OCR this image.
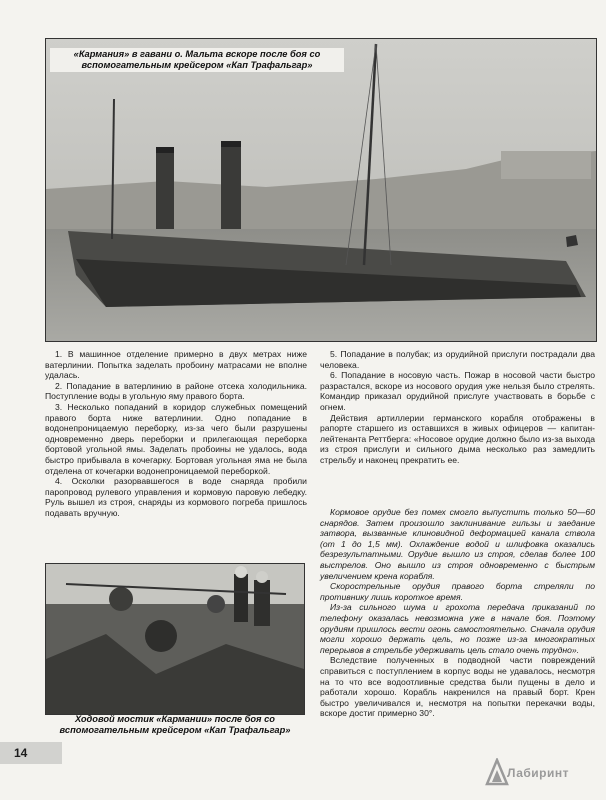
«Кармания» в гавани о. Мальта вскоре после боя со вспомогательным крейсером «Кап Трафальгар»

1. В машинное отделение примерно в двух метрах ниже ватерлинии. Попытка заделать пробоину матрасами не вполне удалась.

2. Попадание в ватерлинию в районе отсека холодильника. Поступление воды в угольную яму правого борта.

3. Несколько попаданий в коридор служебных помещений правого борта ниже ватерлинии. Одно попадание в водонепроницаемую переборку, из-за чего были разрушены одновременно дверь переборки и прилегающая переборка бортовой угольной ямы. Заделать пробоины не удалось, вода быстро прибывала в кочегарку. Бортовая угольная яма не была отделена от кочегарки водонепроницаемой переборкой.

4. Осколки разорвавшегося в воде снаряда пробили паропровод рулевого управления и кормовую паровую лебедку. Руль вышел из строя, снаряды из кормового погреба пришлось подавать вручную.

5. Попадание в полубак; из орудийной прислуги пострадали два человека.

6. Попадание в носовую часть. Пожар в носовой части быстро разрастался, вскоре из носового орудия уже нельзя было стрелять. Командир приказал орудийной прислуге участвовать в борьбе с огнем.

Действия артиллерии германского корабля отображены в рапорте старшего из оставшихся в живых офицеров — капитан-лейтенанта Реттбергa: «Носовое орудие должно было из-за выхода из строя прислуги и сильного дыма несколько раз замедлить стрельбу и наконец прекратить ее.

Кормовое орудие без помех смогло выпустить только 50—60 снарядов. Затем произошло заклинивание гильзы и заедание затвора, вызванные клиновидной деформацией канала ствола (от 1 до 1,5 мм). Охлаждение водой и шлифовка оказались безрезультатными. Орудие вышло из строя, сделав более 100 выстрелов. Оно вышло из строя одновременно с быстрым увеличением крена корабля.

Скорострельные орудия правого борта стреляли по противнику лишь короткое время.

Из-за сильного шума и грохота передача приказаний по телефону оказалась невозможна уже в начале боя. Поэтому орудиям пришлось вести огонь самостоятельно. Сначала орудия могли хорошо держать цель, но позже из-за многократных перерывов в стрельбе удерживать цель стало очень трудно».

Вследствие полученных в подводной части повреждений справиться с поступлением в корпус воды не удавалось, несмотря на то что все водоотливные средства были пущены в дело и работали хорошо. Корабль накренился на правый борт. Крен быстро увеличивался и, несмотря на попытки перекачки воды, вскоре достиг примерно 30°.

Ходовой мостик «Кармании» после боя со вспомогательным крейсером «Кап Трафальгар»
14
Лабиринт
